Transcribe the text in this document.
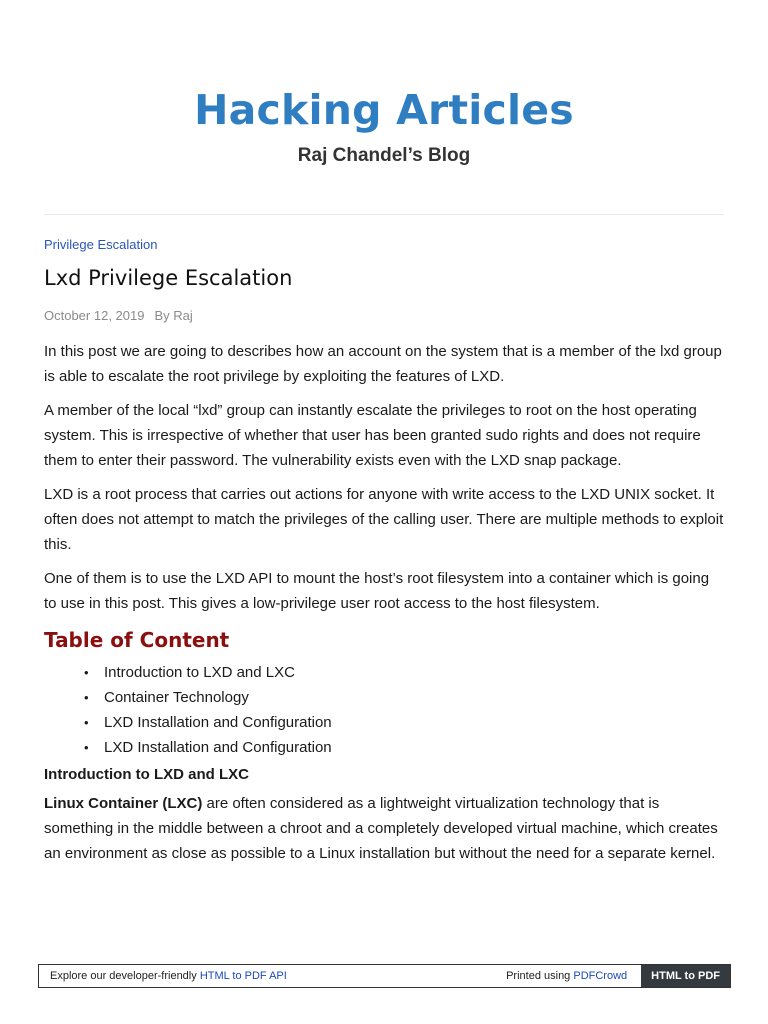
Hacking Articles
Raj Chandel’s Blog
Privilege Escalation
Lxd Privilege Escalation
October 12, 2019 By Raj

In this post we are going to describes how an account on the system that is a member of the lxd group is able to escalate the root privilege by exploiting the features of LXD.

A member of the local “lxd” group can instantly escalate the privileges to root on the host operating system. This is irrespective of whether that user has been granted sudo rights and does not require them to enter their password. The vulnerability exists even with the LXD snap package.

LXD is a root process that carries out actions for anyone with write access to the LXD UNIX socket. It often does not attempt to match the privileges of the calling user. There are multiple methods to exploit this.

One of them is to use the LXD API to mount the host’s root filesystem into a container which is going to use in this post. This gives a low-privilege user root access to the host filesystem.

Table of Content
• Introduction to LXD and LXC
• Container Technology
• LXD Installation and Configuration
• LXD Installation and Configuration
Introduction to LXD and LXC

Linux Container (LXC) are often considered as a lightweight virtualization technology that is something in the middle between a chroot and a completely developed virtual machine, which creates an environment as close as possible to a Linux installation but without the need for a separate kernel.

Explore our developer-friendly HTML to PDF API	Printed using PDFCrowd	HTML to PDF
